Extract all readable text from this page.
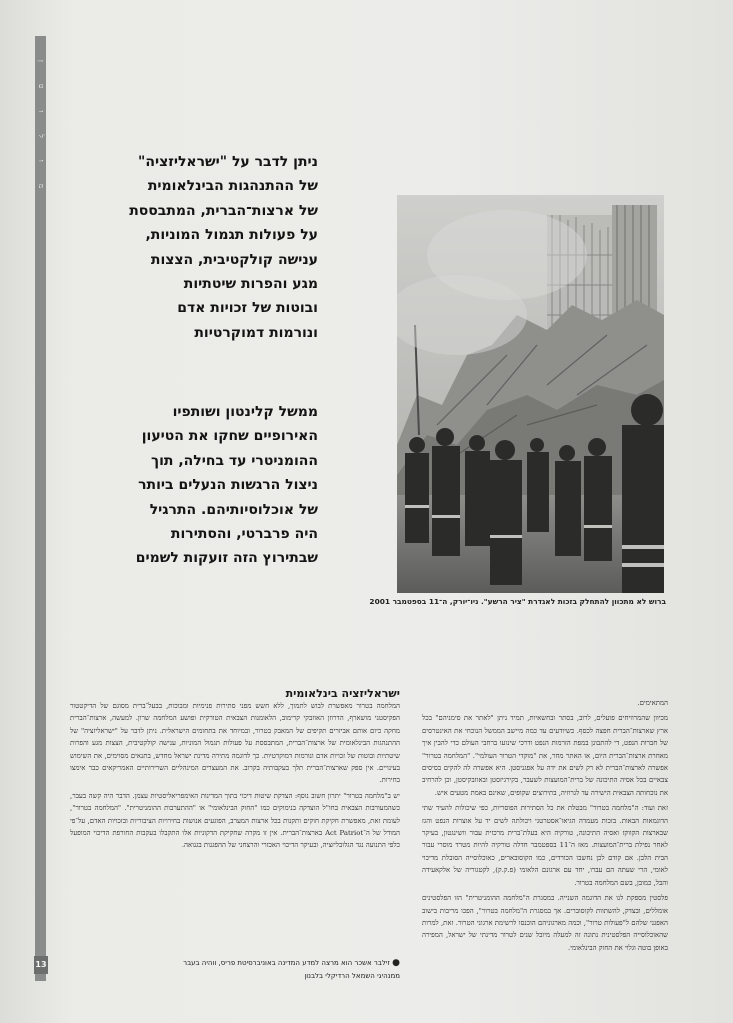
מ ו ל ו ט ן
13
ניתן לדבר על "ישראליזציה"
של ההתנהגות הבינלאומית
של ארצות־הברית, המתבססת
על פעולות תגמול המוניות,
ענישה קולקטיבית, הצצות
מגע והפרות שיטתיות
ובוטות של זכויות אדם
ונורמות דמוקרטיות
ממשל קלינטון ושותפיו
האירופיים שחקו את הטיעון
ההומניטרי עד בחילה, תוך
ניצול הרגשות הנעלים ביותר
של אוכלוסיותיהם. התרגיל
היה פרברטי, והסתירות
שבתירוץ הזה זועקות לשמים
ברוש לא מתכוון להתחלק בזכות לאגדרת "ציר הרשע". ניו־יורק, ה־11 בספטמבר 2001

המתאימים.

מכיוון שהמרוויחים פועלים, לרוב, בסתר ובחשאיות, תמיד ניתן "לאתר את סימניהם" בכל ארץ שארצות־הברית חפצה לכסף. כשיודעים עד כמה מיישב הממשל הנוכחי את האינטרסים של חברות הנפט, די להתבונן במפת הזרמות הנפט ודרכי שינועו ברחבי העולם כדי להבין איך מאחרת ארצות־הברית היום, או האתר מחר, את "מוקדי הטרור העולמי". "המלחמה בטרור" אפשרה לארצות־הברית לא רק לשים את ידה על אפגניסטן. היא אפשרה לה להקים בסיסים צבאיים בכל אסיה התיכונה של ברית־המועצות לשעבר, בקירגיזסטן ובאוזבקיסטן, וכן להרחיב את נוכחותה הצבאית הישירה עד לגרוזיה, בתירוצים שקופים, שאינם באמת מטעים איש.

זאת ועוד: ה"מלחמה בטרור" מבטלת את כל הסתירות הפוסריות, כפי שיכולות להעיד שתי הדוגמאות הבאות. בזכות מעמדה הגיאו־אסטרטגי ויכולתה לשים יד על אוצרות הנפט והגז שבארצות הקווקז ואסיה התיכונה, טורקיה היא בעלת־ברית מרכזית עבור וושינגטון, בעיקר לאחר נפילת ברית־המועצות. מאז ה־11 בספטמבר חדלה טורקיה להיות מטרד מוסרי עבור הבית הלבן. אם קודם לכן נחשבו הכורדים, כמו הקוסובארים, כאוכלוסייה הסובלת מדיכוי לאומי, הרי שעתה הם עברו, יחד עם ארגונם הלאומי (פ.ק.ק), לקטגוריה של אלקאעידה והבל, כמובן, בשם המלחמה בטרור.

פלסטין מספקת לנו את הדוגמה השנייה. במסגרת ה"מלחמה ההומניטרית" הזו הפלסטינים אומללים, ובצדק, להשתוות לקוסוברים. אך במסגרת ה"מלחמה בטרור", הפכו מריבות בישוב האפגני שלהם ל"פעולות טרור", וכמה מארגוניהם הוכנסו לרשימת ארגוני הטרור. זאת, למרות שהאוכלוסייה הפלסטינית נתונה זה למעלה מיובל שנים לטרור מדינתי של ישראל, המפירה באופן בוטה וגלוי את החוק הבינלאומי.

ישראליזציה בינלאומית

המלחמה בטרור מאפשרת לבוש לתמוך, ללא חשש מפני סתירות פנימיות ומבוכות, בבעל־ברית מסוגם של הדיקטטור הפקיסטני מושארף, הדרוזן האוזבקי קרימוב, הלאומנות הצבאית הטורקית ופושע המלחמה שרון. למעשה, ארצות־הברית מחקה כיום אותם אביזרים תקיפים של המאבק בטרור, ובמיוחד את בתחומים הישראלית. ניתן לדבר על "ישראליזציה" של ההתנהגות הבינלאומית של ארצות־הברית, המתבססת על פעולות תגמול המוניות, ענישה קולקטיבית, הצצות מגע והפרות שיטתיות ובוטות של זכויות אדם ונורמות דמוקרטיות. כך לדוגמה מתירה מדינת ישראל מחדש, בתנאים מסוימים, את השימוש בעינויים. אין ספק שארצות־הברית תלך בעקבותיה בקרוב. את המעצרים המינהליים השרירותיים האמריקאים כבר אימצו בחירות.

יש ב"מלחמה בטרור" יתרון חשוב נוסף: הצדקת שיטות דיכוי בתוך המדינות האימפריאליסטיות עצמן. הדבר היה קשה בעבר, כשהמעורבות הצבאית בחו"ל הוצדקה בנימוקים כמו "החוק הבינלאומי" או "ההתערבות ההומניטרית". "המלחמה בטרור", לעומת זאת, מאפשרת חקיקת חוקים ותקנות בכל ארצות המערב, הפוגעים אנושות בחירויות הציבוריות ובזכויות האדם, על־פי המודל של ה־Act Patriot בארצות־הברית. אין זו מקרה שחקיקת הדקוניות אלו התקבלו בעקבות החורפת הדיכוי המופעל כלפי התנועה נגד הגלובליזציה, ובעיקר הדיכוי האכזרי והרצחני של ההפגנות בגנואה.

● זילבר אשכר הוא מרצה למדע המדינה באוניברסיטת פריס, ווהיה בעבר
ממנהיגי השמאל הרדיקלי בלבנון
